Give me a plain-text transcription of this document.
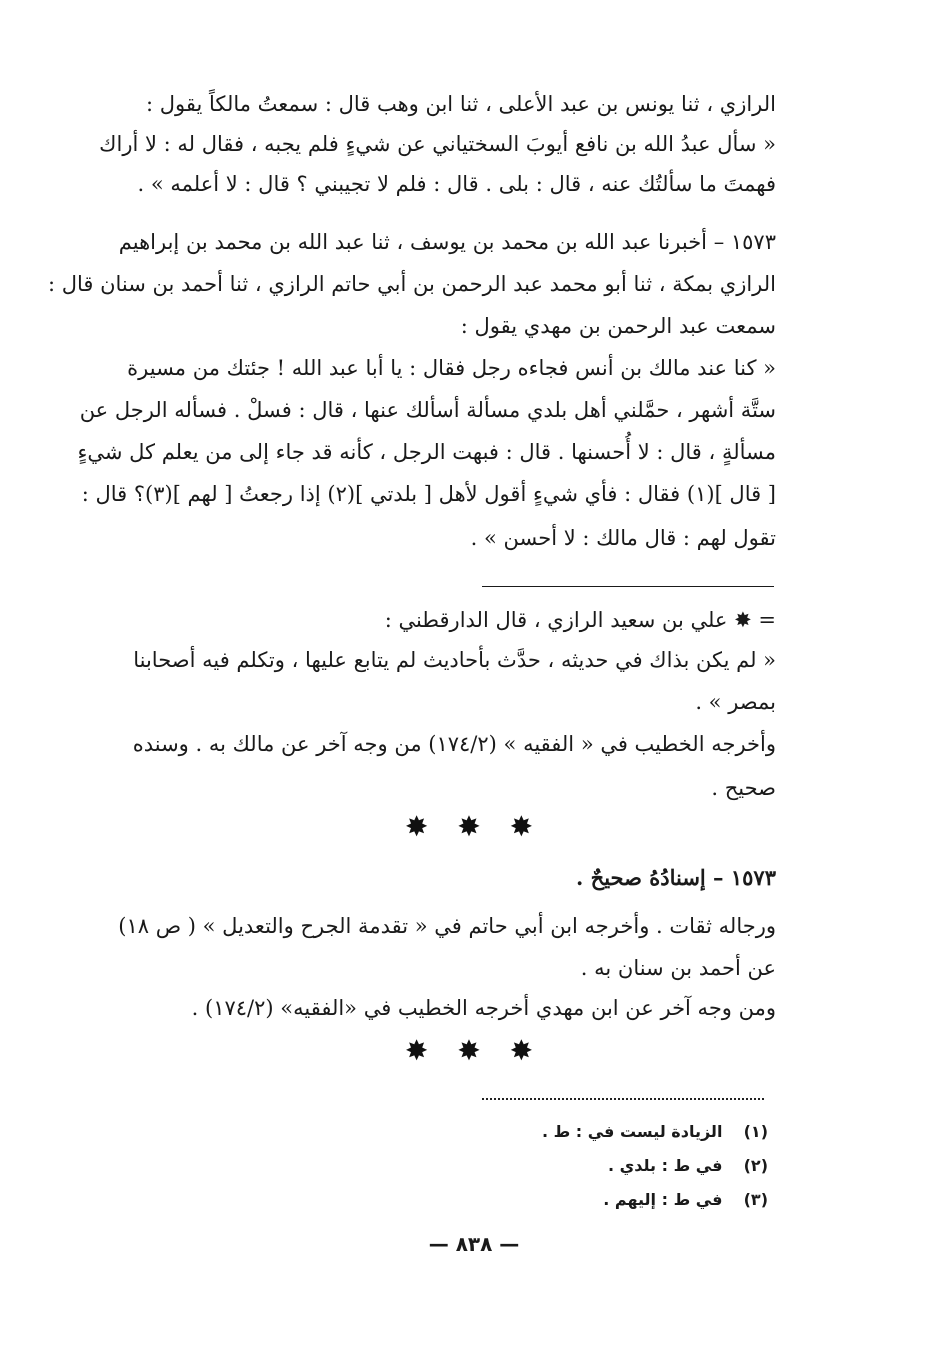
الرازي ، ثنا يونس بن عبد الأعلى ، ثنا ابن وهب قال : سمعتُ مالكاً يقول :
« سأل عبدُ الله بن نافع أيوبَ السختياني عن شيءٍ فلم يجبه ، فقال له : لا أراك
فهمتَ ما سألتُك عنه ، قال : بلى . قال : فلم لا تجيبني ؟ قال : لا أعلمه » .
١٥٧٣ – أخبرنا عبد الله بن محمد بن يوسف ، ثنا عبد الله بن محمد بن إبراهيم
الرازي بمكة ، ثنا أبو محمد عبد الرحمن بن أبي حاتم الرازي ، ثنا أحمد بن سنان قال :
سمعت عبد الرحمن بن مهدي يقول :
« كنا عند مالك بن أنس فجاءه رجل فقال : يا أبا عبد الله ! جئتك من مسيرة
ستَّة أشهر ، حمَّلني أهل بلدي مسألة أسألك عنها ، قال : فسلْ . فسأله الرجل عن
مسألةٍ ، قال : لا أُحسنها . قال : فبهت الرجل ، كأنه قد جاء إلى من يعلم كل شيءٍ
[ قال ](١) فقال : فأي شيءٍ أقول لأهل [ بلدتي ](٢) إذا رجعتُ [ لهم ](٣)؟ قال :
تقول لهم : قال مالك : لا أحسن » .
= ✸ علي بن سعيد الرازي ، قال الدارقطني :
« لم يكن بذاك في حديثه ، حدَّث بأحاديث لم يتابع عليها ، وتكلم فيه أصحابنا
بمصر » .
وأخرجه الخطيب في « الفقيه » (١٧٤/٢) من وجه آخر عن مالك به . وسنده
صحيح .
✸ ✸ ✸
١٥٧٣ – إسنادُهُ صحيحٌ .
ورجاله ثقات . وأخرجه ابن أبي حاتم في « تقدمة الجرح والتعديل » ( ص ١٨)
عن أحمد بن سنان به .
ومن وجه آخر عن ابن مهدي أخرجه الخطيب في «الفقيه» (١٧٤/٢) .
✸ ✸ ✸
(١) الزيادة ليست في : ط .
(٢) في ط : بلدي .
(٣) في ط : إليهم .
— ٨٣٨ —
